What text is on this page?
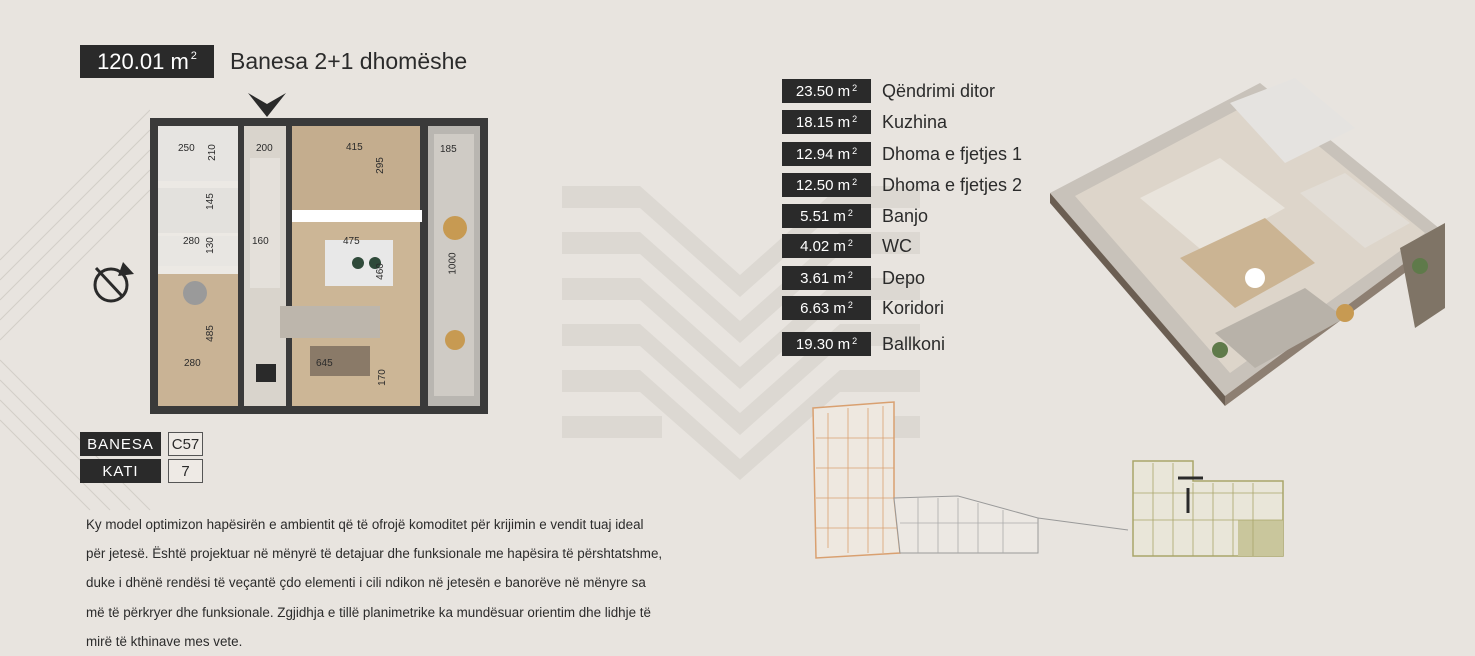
120.01 $m^2$ Banesa 2+1 dhomëshe
250 210	200	415
295
185
145
130
280	160	475
460	1000
485
280	645
170
23.50 $m^2$ Qëndrimi ditor
18.15 $m^2$ Kuzhina
12.94 $m^2$ Dhoma e fjetjes 1
12.50 $m^2$ Dhoma e fjetjes 2
5.51 $m^2$ Banjo
4.02 $m^2$ WC
3.61 $m^2$ Depo
6.63 $m^2$ Koridori
19.30 $m^2$ Ballkoni
BANESA	C57
KATI	7

Ky model optimizon hapësirën e ambientit që të ofrojë komoditet për krijimin e vendit tuaj ideal

për jetesë. Është projektuar në mënyrë të detajuar dhe funksionale me hapësira të përshtatshme,

duke i dhënë rendësi të veçantë çdo elementi i cili ndikon në jetesën e banorëve në mënyre sa

më të përkryer dhe funksionale. Zgjidhja e tillë planimetrike ka mundësuar orientim dhe lidhje të

mirë të kthinave mes vete.
